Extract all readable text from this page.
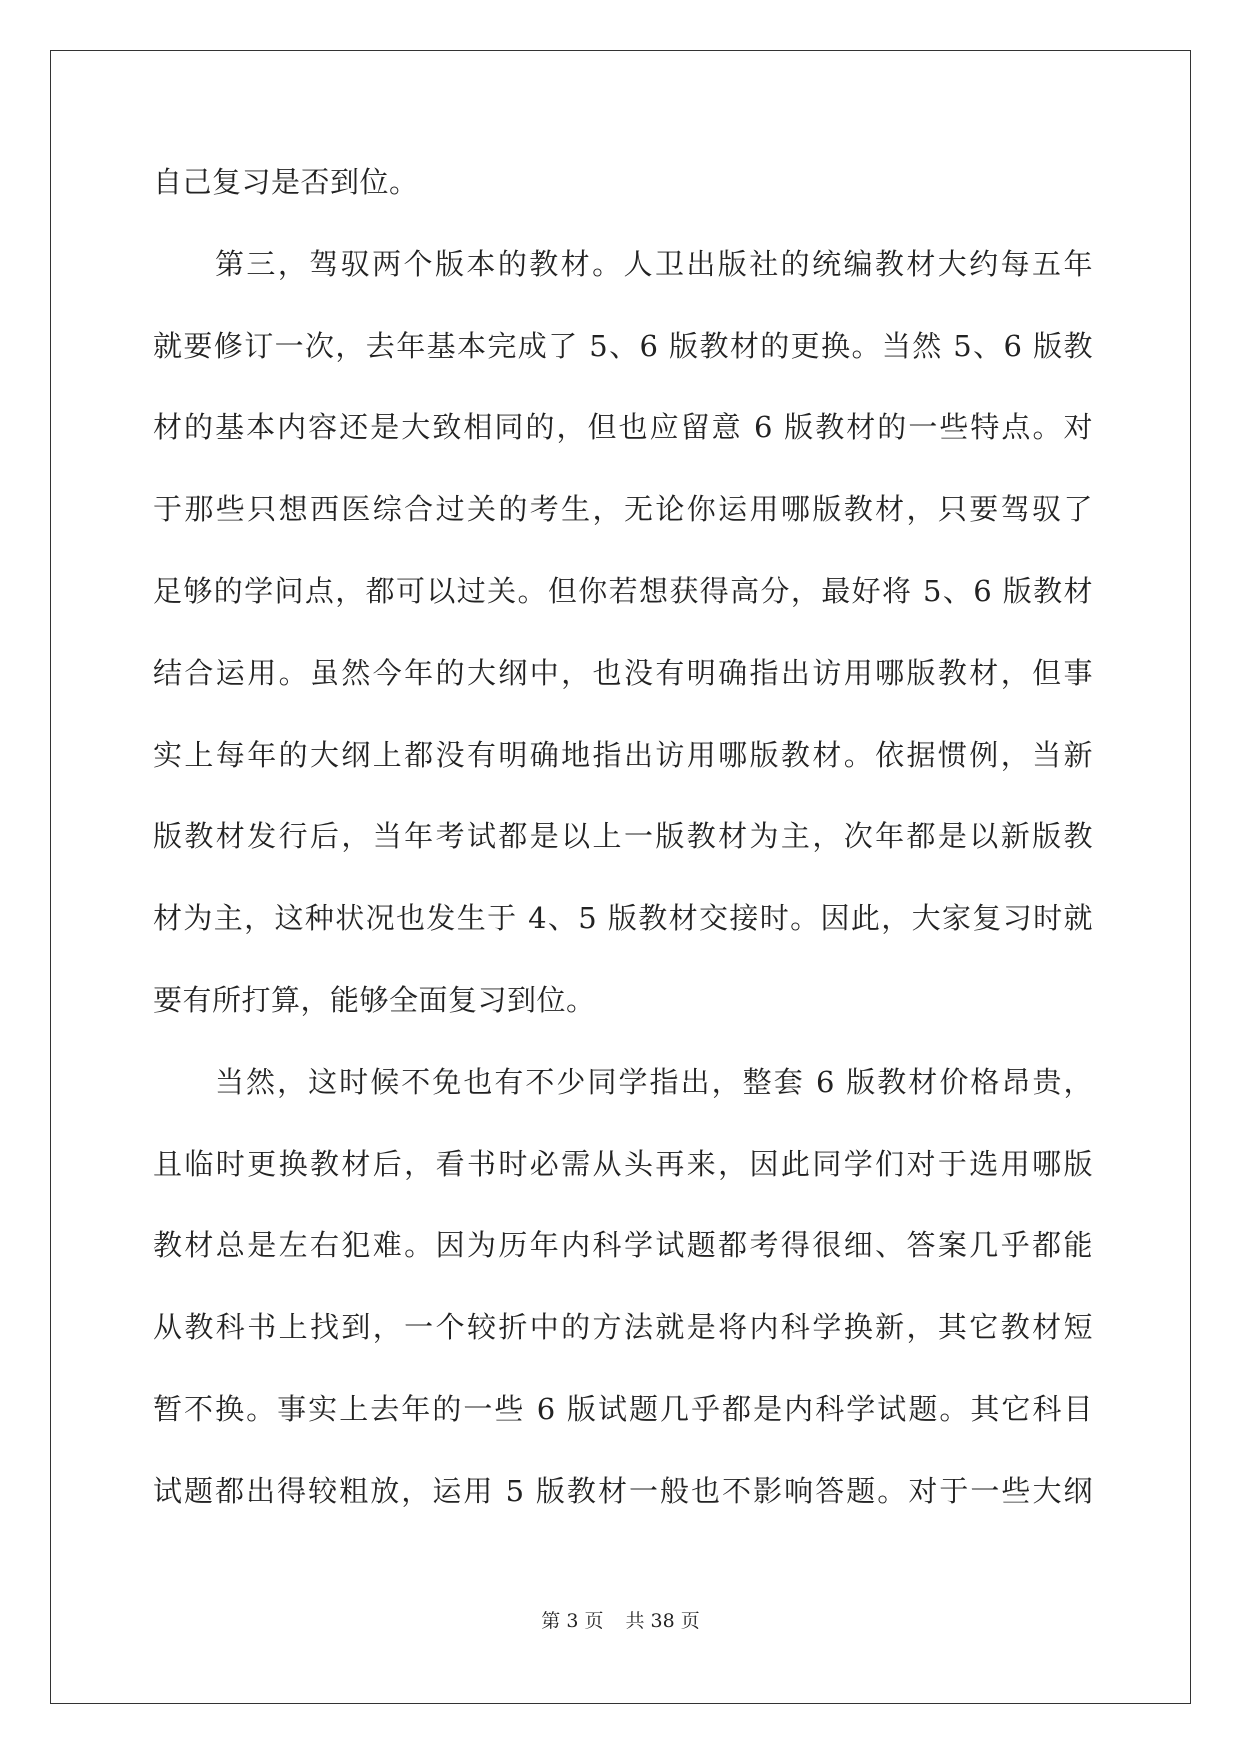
自己复习是否到位。
第三，驾驭两个版本的教材。人卫出版社的统编教材大约每五年
就要修订一次，去年基本完成了 5、6 版教材的更换。当然 5、6 版教
材的基本内容还是大致相同的，但也应留意 6 版教材的一些特点。对
于那些只想西医综合过关的考生，无论你运用哪版教材，只要驾驭了
足够的学问点，都可以过关。但你若想获得高分，最好将 5、6 版教材
结合运用。虽然今年的大纲中，也没有明确指出访用哪版教材，但事
实上每年的大纲上都没有明确地指出访用哪版教材。依据惯例，当新
版教材发行后，当年考试都是以上一版教材为主，次年都是以新版教
材为主，这种状况也发生于 4、5 版教材交接时。因此，大家复习时就
要有所打算，能够全面复习到位。
当然，这时候不免也有不少同学指出，整套 6 版教材价格昂贵，
且临时更换教材后，看书时必需从头再来，因此同学们对于选用哪版
教材总是左右犯难。因为历年内科学试题都考得很细、答案几乎都能
从教科书上找到，一个较折中的方法就是将内科学换新，其它教材短
暂不换。事实上去年的一些 6 版试题几乎都是内科学试题。其它科目
试题都出得较粗放，运用 5 版教材一般也不影响答题。对于一些大纲
第 3 页 共 38 页
